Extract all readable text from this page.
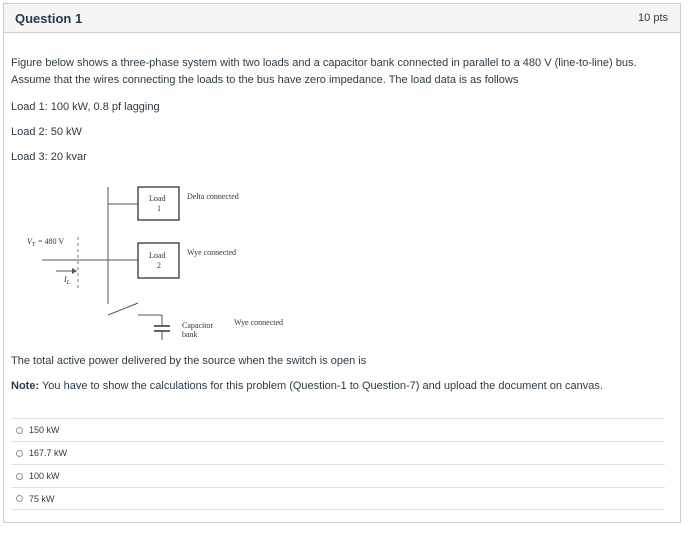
Question 1	10 pts

Figure below shows a three-phase system with two loads and a capacitor bank connected in parallel to a 480 V (line-to-line) bus.

Assume that the wires connecting the loads to the bus have zero impedance. The load data is as follows

Load 1: 100 kW, 0.8 pf lagging
Load 2: 50 kW
Load 3: 20 kvar
Load
1
Delta connected
Load
2
Wye connected
Capacitor
bank
Wye connected
$V_T = 480$ V
$I_L$
The total active power delivered by the source when the switch is open is
Note: You have to show the calculations for this problem (Question-1 to Question-7) and upload the document on canvas.
150 kW
167.7 kW
100 kW
75 kW
